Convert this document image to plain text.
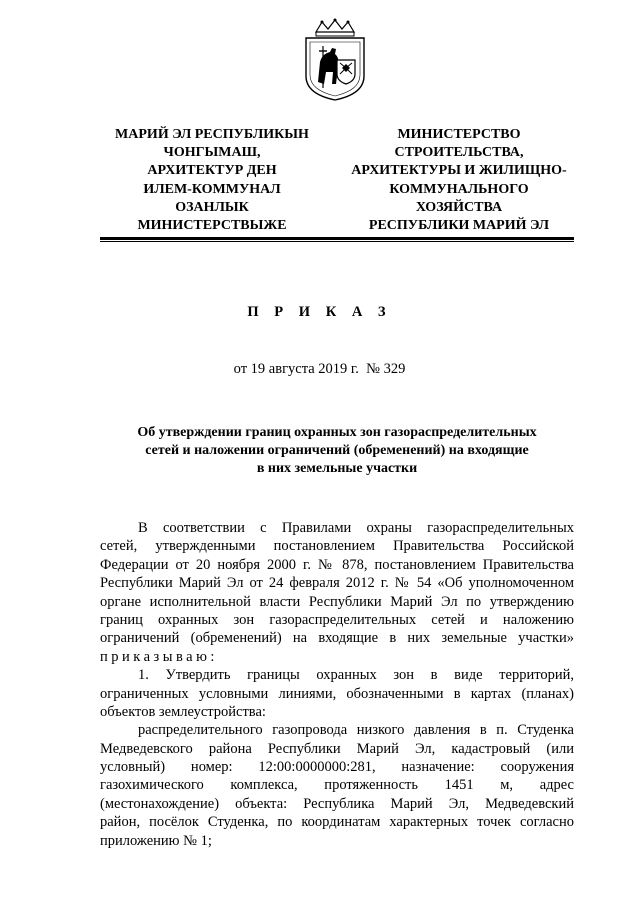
МАРИЙ ЭЛ РЕСПУБЛИКЫН
ЧОНГЫМАШ,
АРХИТЕКТУР ДЕН
ИЛЕМ-КОММУНАЛ
ОЗАНЛЫК
МИНИСТЕРСТВЫЖЕ
МИНИСТЕРСТВО
СТРОИТЕЛЬСТВА,
АРХИТЕКТУРЫ И ЖИЛИЩНО-
КОММУНАЛЬНОГО
ХОЗЯЙСТВА
РЕСПУБЛИКИ МАРИЙ ЭЛ
П Р И К А З
от 19 августа 2019 г.  № 329
Об утверждении границ охранных зон газораспределительных
сетей и наложении ограничений (обременений) на входящие
в них земельные участки
В соответствии с Правилами охраны газораспределительных
сетей, утвержденными постановлением Правительства Российской
Федерации от 20 ноября 2000 г. № 878, постановлением Правительства
Республики Марий Эл от 24 февраля 2012 г. № 54 «Об уполномоченном
органе исполнительной власти Республики Марий Эл по утверждению
границ охранных зон газораспределительных сетей и наложению
ограничений (обременений) на входящие в них земельные участки»
приказываю:
1. Утвердить границы охранных зон в виде территорий,
ограниченных условными линиями, обозначенными в картах (планах)
объектов землеустройства:
распределительного газопровода низкого давления в п. Студенка
Медведевского района Республики Марий Эл, кадастровый (или
условный) номер: 12:00:0000000:281, назначение: сооружения
газохимического комплекса, протяженность 1451 м, адрес
(местонахождение) объекта: Республика Марий Эл, Медведевский
район, посёлок Студенка, по координатам характерных точек согласно
приложению № 1;
